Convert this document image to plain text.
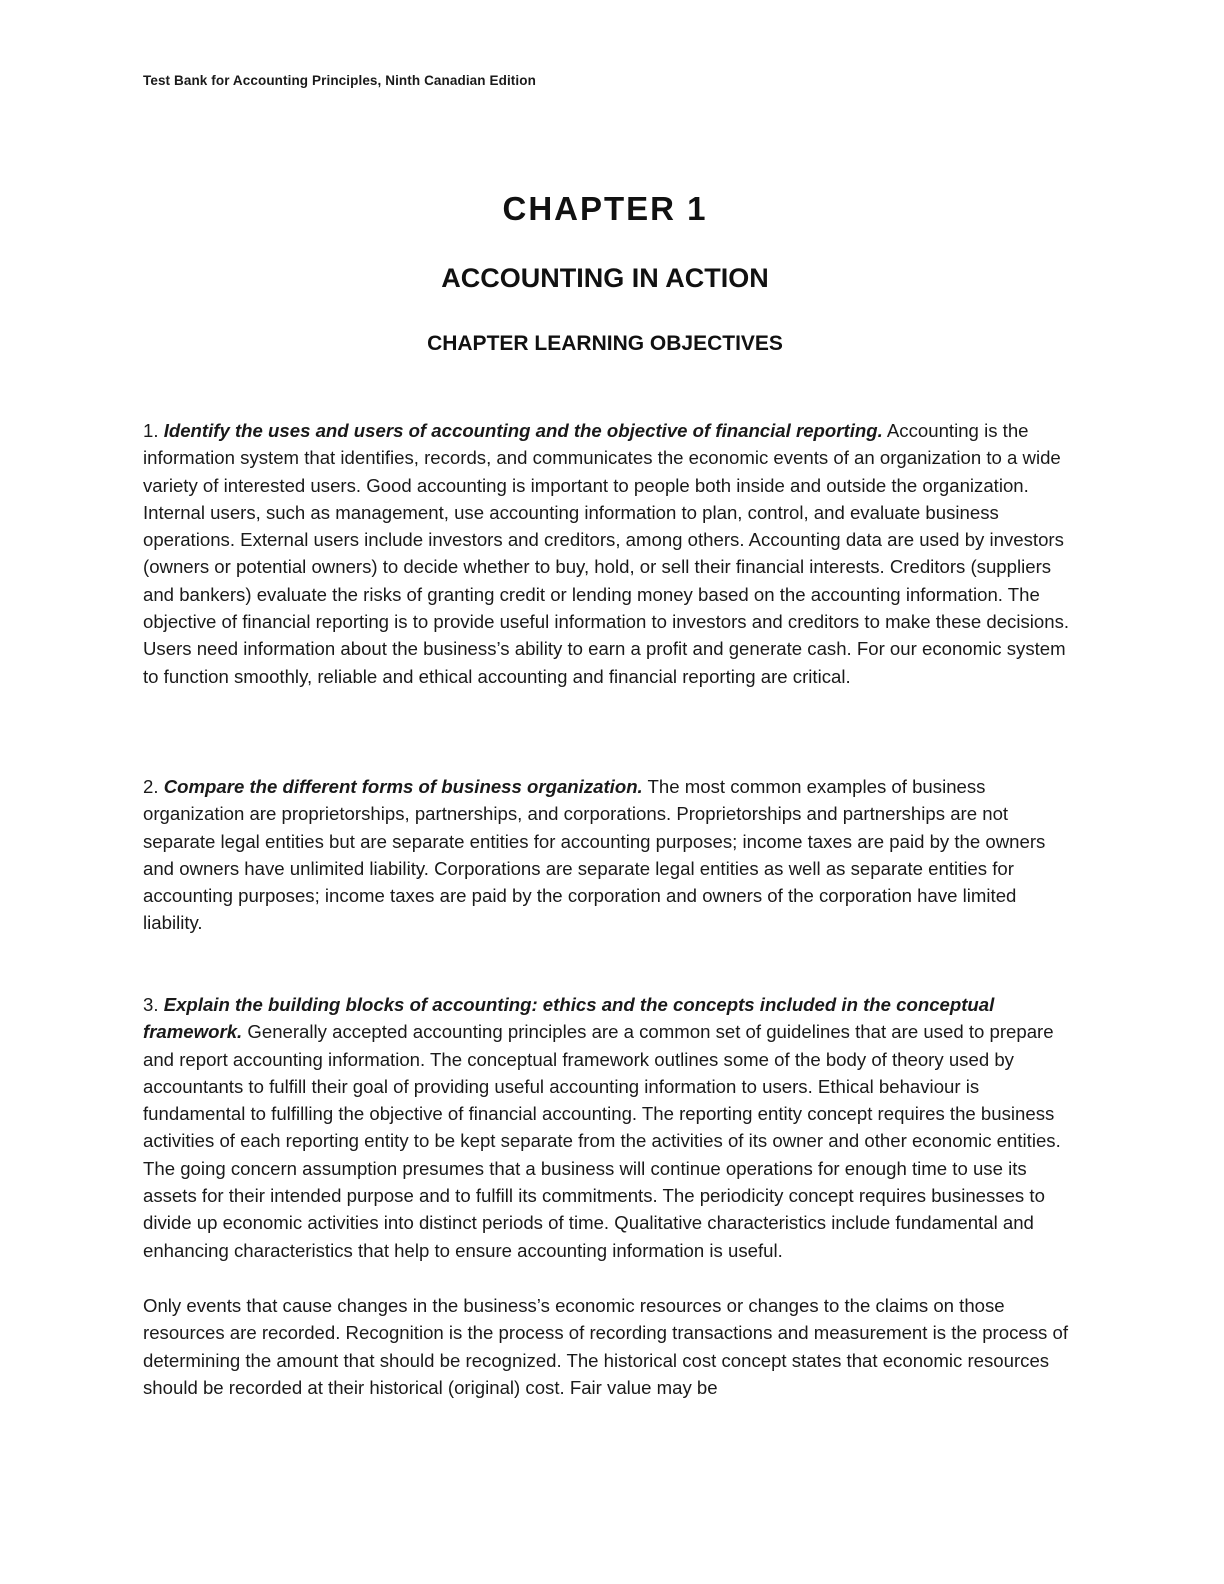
Test Bank for Accounting Principles, Ninth Canadian Edition
CHAPTER 1
ACCOUNTING IN ACTION
CHAPTER LEARNING OBJECTIVES

1. Identify the uses and users of accounting and the objective of financial reporting. Accounting is the information system that identifies, records, and communicates the economic events of an organization to a wide variety of interested users. Good accounting is important to people both inside and outside the organization. Internal users, such as management, use accounting information to plan, control, and evaluate business operations. External users include investors and creditors, among others. Accounting data are used by investors (owners or potential owners) to decide whether to buy, hold, or sell their financial interests. Creditors (suppliers and bankers) evaluate the risks of granting credit or lending money based on the accounting information. The objective of financial reporting is to provide useful information to investors and creditors to make these decisions. Users need information about the business’s ability to earn a profit and generate cash. For our economic system to function smoothly, reliable and ethical accounting and financial reporting are critical.

2. Compare the different forms of business organization. The most common examples of business organization are proprietorships, partnerships, and corporations. Proprietorships and partnerships are not separate legal entities but are separate entities for accounting purposes; income taxes are paid by the owners and owners have unlimited liability. Corporations are separate legal entities as well as separate entities for accounting purposes; income taxes are paid by the corporation and owners of the corporation have limited liability.

3. Explain the building blocks of accounting: ethics and the concepts included in the conceptual framework. Generally accepted accounting principles are a common set of guidelines that are used to prepare and report accounting information. The conceptual framework outlines some of the body of theory used by accountants to fulfill their goal of providing useful accounting information to users. Ethical behaviour is fundamental to fulfilling the objective of financial accounting. The reporting entity concept requires the business activities of each reporting entity to be kept separate from the activities of its owner and other economic entities. The going concern assumption presumes that a business will continue operations for enough time to use its assets for their intended purpose and to fulfill its commitments. The periodicity concept requires businesses to divide up economic activities into distinct periods of time. Qualitative characteristics include fundamental and enhancing characteristics that help to ensure accounting information is useful.

Only events that cause changes in the business’s economic resources or changes to the claims on those resources are recorded. Recognition is the process of recording transactions and measurement is the process of determining the amount that should be recognized. The historical cost concept states that economic resources should be recorded at their historical (original) cost. Fair value may be
